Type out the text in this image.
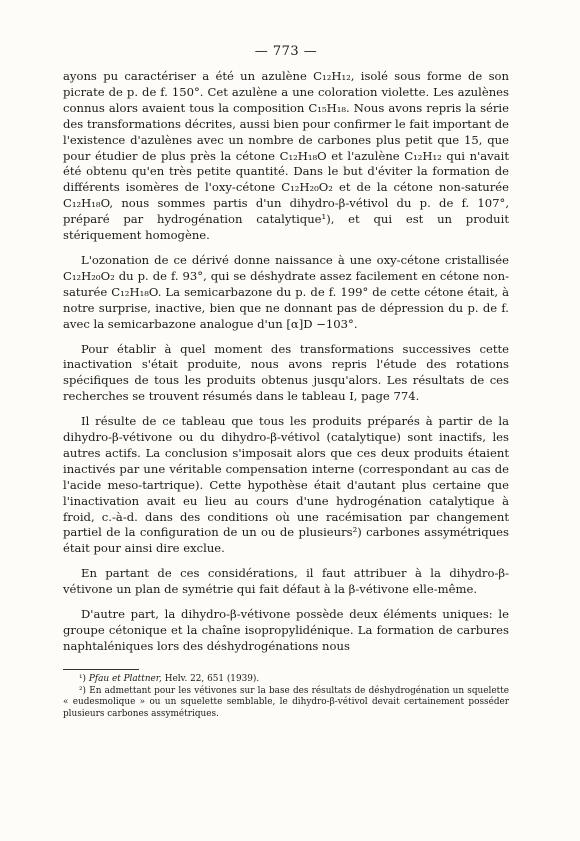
— 773 —

ayons pu caractériser a été un azulène C₁₂H₁₂, isolé sous forme de son picrate de p. de f. 150°. Cet azulène a une coloration violette. Les azulènes connus alors avaient tous la composition C₁₅H₁₈. Nous avons repris la série des transformations décrites, aussi bien pour confirmer le fait important de l'existence d'azulènes avec un nombre de carbones plus petit que 15, que pour étudier de plus près la cétone C₁₂H₁₈O et l'azulène C₁₂H₁₂ qui n'avait été obtenu qu'en très petite quantité. Dans le but d'éviter la formation de différents isomères de l'oxy-cétone C₁₂H₂₀O₂ et de la cétone non-saturée C₁₂H₁₈O, nous sommes partis d'un dihydro-β-vétivol du p. de f. 107°, préparé par hydrogénation catalytique¹), et qui est un produit stériquement homogène.

L'ozonation de ce dérivé donne naissance à une oxy-cétone cristallisée C₁₂H₂₀O₂ du p. de f. 93°, qui se déshydrate assez facilement en cétone non-saturée C₁₂H₁₈O. La semicarbazone du p. de f. 199° de cette cétone était, à notre surprise, inactive, bien que ne donnant pas de dépression du p. de f. avec la semicarbazone analogue d'un [α]D −103°.

Pour établir à quel moment des transformations successives cette inactivation s'était produite, nous avons repris l'étude des rotations spécifiques de tous les produits obtenus jusqu'alors. Les résultats de ces recherches se trouvent résumés dans le tableau I, page 774.

Il résulte de ce tableau que tous les produits préparés à partir de la dihydro-β-vétivone ou du dihydro-β-vétivol (catalytique) sont inactifs, les autres actifs. La conclusion s'imposait alors que ces deux produits étaient inactivés par une véritable compensation interne (correspondant au cas de l'acide meso-tartrique). Cette hypothèse était d'autant plus certaine que l'inactivation avait eu lieu au cours d'une hydrogénation catalytique à froid, c.-à-d. dans des conditions où une racémisation par changement partiel de la configuration de un ou de plusieurs²) carbones assymétriques était pour ainsi dire exclue.

En partant de ces considérations, il faut attribuer à la dihydro-β-vétivone un plan de symétrie qui fait défaut à la β-vétivone elle-même.

D'autre part, la dihydro-β-vétivone possède deux éléments uniques: le groupe cétonique et la chaîne isopropylidénique. La formation de carbures naphtaléniques lors des déshydrogénations nous

¹) Pfau et Plattner, Helv. 22, 651 (1939).

²) En admettant pour les vétivones sur la base des résultats de déshydrogénation un squelette « eudesmolique » ou un squelette semblable, le dihydro-β-vétivol devait certainement posséder plusieurs carbones assymétriques.
